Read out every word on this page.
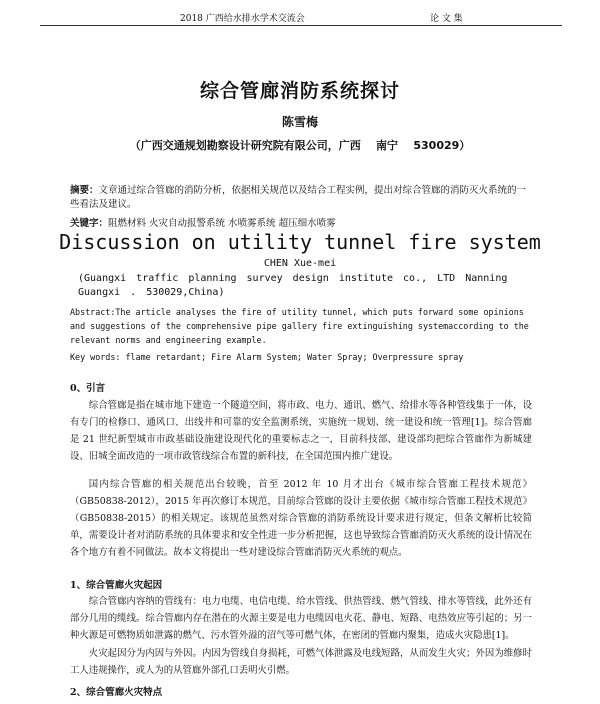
2018 广西给水排水学术交流会	论 文 集
综合管廊消防系统探讨
陈雪梅
（广西交通规划勘察设计研究院有限公司，广西    南宁    530029）
摘要：文章通过综合管廊的消防分析，依据相关规范以及结合工程实例，提出对综合管廊的消防灭火系统的一些看法及建议。
关键字：阻燃材料 火灾自动报警系统 水喷雾系统 超压细水喷雾
Discussion on utility tunnel fire system
CHEN Xue-mei
(Guangxi traffic planning survey design institute co., LTD Nanning Guangxi . 530029,China)
Abstract:The article analyses the fire of utility tunnel, which puts forward some opinions and suggestions of the comprehensive pipe gallery fire extinguishing systemaccording to the relevant norms and engineering example.
Key words: flame retardant; Fire Alarm System; Water Spray; Overpressure spray
0、引言

综合管廊是指在城市地下建造一个隧道空间，将市政、电力、通讯、燃气、给排水等各种管线集于一体，设有专门的检修口、通风口、出线井和可靠的安全监测系统，实施统一规划、统一建设和统一管理[1]。综合管廊是 21 世纪新型城市市政基础设施建设现代化的重要标志之一，目前科技部、建设部均把综合管廊作为新城建设、旧城全面改造的一项市政管线综合布置的新科技，在全国范围内推广建设。

国内综合管廊的相关规范出台较晚，首至 2012 年 10 月才出台《城市综合管廊工程技术规范》（GB50838-2012），2015 年再次修订本规范，目前综合管廊的设计主要依据《城市综合管廊工程技术规范》（GB50838-2015）的相关规定。该规范虽然对综合管廊的消防系统设计要求进行规定，但条文解析比较简单，需要设计者对消防系统的具体要求和安全性进一步分析把握，这也导致综合管廊消防灭火系统的设计情况在各个地方有着不同做法。故本文将提出一些对建设综合管廊消防灭火系统的观点。

1、综合管廊火灾起因

综合管廊内容纳的管线有：电力电缆、电信电缆、给水管线、供热管线、燃气管线、排水等管线，此外还有部分几用的缆线。综合管廊内存在潜在的火源主要是电力电缆因电火花、静电、短路、电热效应等引起的；另一种火源是可燃物质如泄露的燃气、污水管外溢的沼气等可燃气体，在密闭的管廊内聚集，造成火灾隐患[1]。

火灾起因分为内因与外因。内因为管线自身损耗，可燃气体泄露及电线短路，从而发生火灾；外因为维修时工人违规操作，或人为的从管廊外部孔口丢明火引燃。

2、综合管廊火灾特点
